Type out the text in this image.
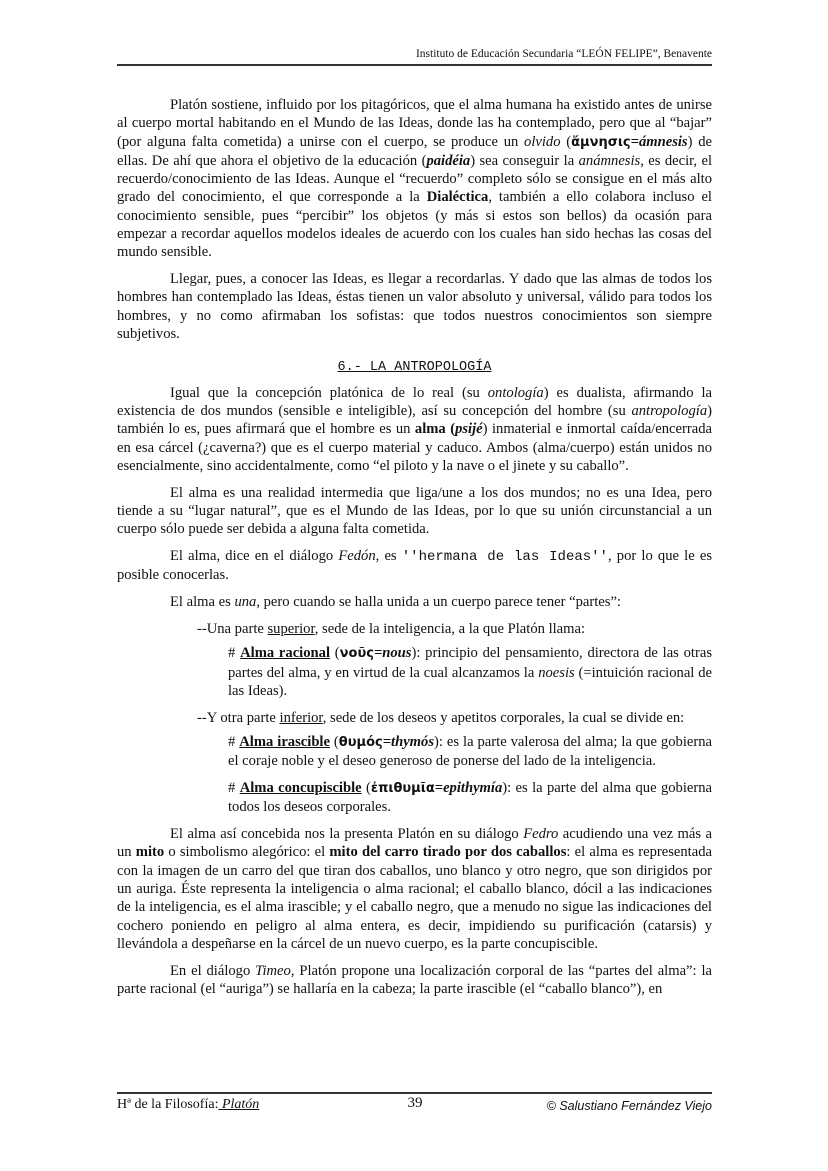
Instituto de Educación Secundaria “LEÓN FELIPE”, Benavente

Platón sostiene, influido por los pitagóricos, que el alma humana ha existido antes de unirse al cuerpo mortal habitando en el Mundo de las Ideas, donde las ha contemplado, pero que al “bajar” (por alguna falta cometida) a unirse con el cuerpo, se produce un olvido (ἄμνησις=ámnesis) de ellas. De ahí que ahora el objetivo de la educación (paidéia) sea conseguir la anámnesis, es decir, el recuerdo/conocimiento de las Ideas. Aunque el “recuerdo” completo sólo se consigue en el más alto grado del conocimiento, el que corresponde a la Dialéctica, también a ello colabora incluso el conocimiento sensible, pues “percibir” los objetos (y más si estos son bellos) da ocasión para empezar a recordar aquellos modelos ideales de acuerdo con los cuales han sido hechas las cosas del mundo sensible.

Llegar, pues, a conocer las Ideas, es llegar a recordarlas. Y dado que las almas de todos los hombres han contemplado las Ideas, éstas tienen un valor absoluto y universal, válido para todos los hombres, y no como afirmaban los sofistas: que todos nuestros conocimientos son siempre subjetivos.

6.- LA ANTROPOLOGÍA

Igual que la concepción platónica de lo real (su ontología) es dualista, afirmando la existencia de dos mundos (sensible e inteligible), así su concepción del hombre (su antropología) también lo es, pues afirmará que el hombre es un alma (psijé) inmaterial e inmortal caída/encerrada en esa cárcel (¿caverna?) que es el cuerpo material y caduco. Ambos (alma/cuerpo) están unidos no esencialmente, sino accidentalmente, como “el piloto y la nave o el jinete y su caballo”.

El alma es una realidad intermedia que liga/une a los dos mundos; no es una Idea, pero tiende a su “lugar natural”, que es el Mundo de las Ideas, por lo que su unión circunstancial a un cuerpo sólo puede ser debida a alguna falta cometida.

El alma, dice en el diálogo Fedón, es ''hermana de las Ideas'', por lo que le es posible conocerlas.

El alma es una, pero cuando se halla unida a un cuerpo parece tener “partes”:

--Una parte superior, sede de la inteligencia, a la que Platón llama:

# Alma racional (νοῦς=nous): principio del pensamiento, directora de las otras partes del alma, y en virtud de la cual alcanzamos la noesis (=intuición racional de las Ideas).

--Y otra parte inferior, sede de los deseos y apetitos corporales, la cual se divide en:

# Alma irascible (θυμός=thymós): es la parte valerosa del alma; la que gobierna el coraje noble y el deseo generoso de ponerse del lado de la inteligencia.

# Alma concupiscible (ἐπιθυμῖα=epithymía): es la parte del alma que gobierna todos los deseos corporales.

El alma así concebida nos la presenta Platón en su diálogo Fedro acudiendo una vez más a un mito o simbolismo alegórico: el mito del carro tirado por dos caballos: el alma es representada con la imagen de un carro del que tiran dos caballos, uno blanco y otro negro, que son dirigidos por un auriga. Éste representa la inteligencia o alma racional; el caballo blanco, dócil a las indicaciones de la inteligencia, es el alma irascible; y el caballo negro, que a menudo no sigue las indicaciones del cochero poniendo en peligro al alma entera, es decir, impidiendo su purificación (catarsis) y llevándola a despeñarse en la cárcel de un nuevo cuerpo, es la parte concupiscible.

En el diálogo Timeo, Platón propone una localización corporal de las “partes del alma”: la parte racional (el “auriga”) se hallaría en la cabeza; la parte irascible (el “caballo blanco”), en

Hª de la Filosofía: Platón	39	© Salustiano Fernández Viejo
